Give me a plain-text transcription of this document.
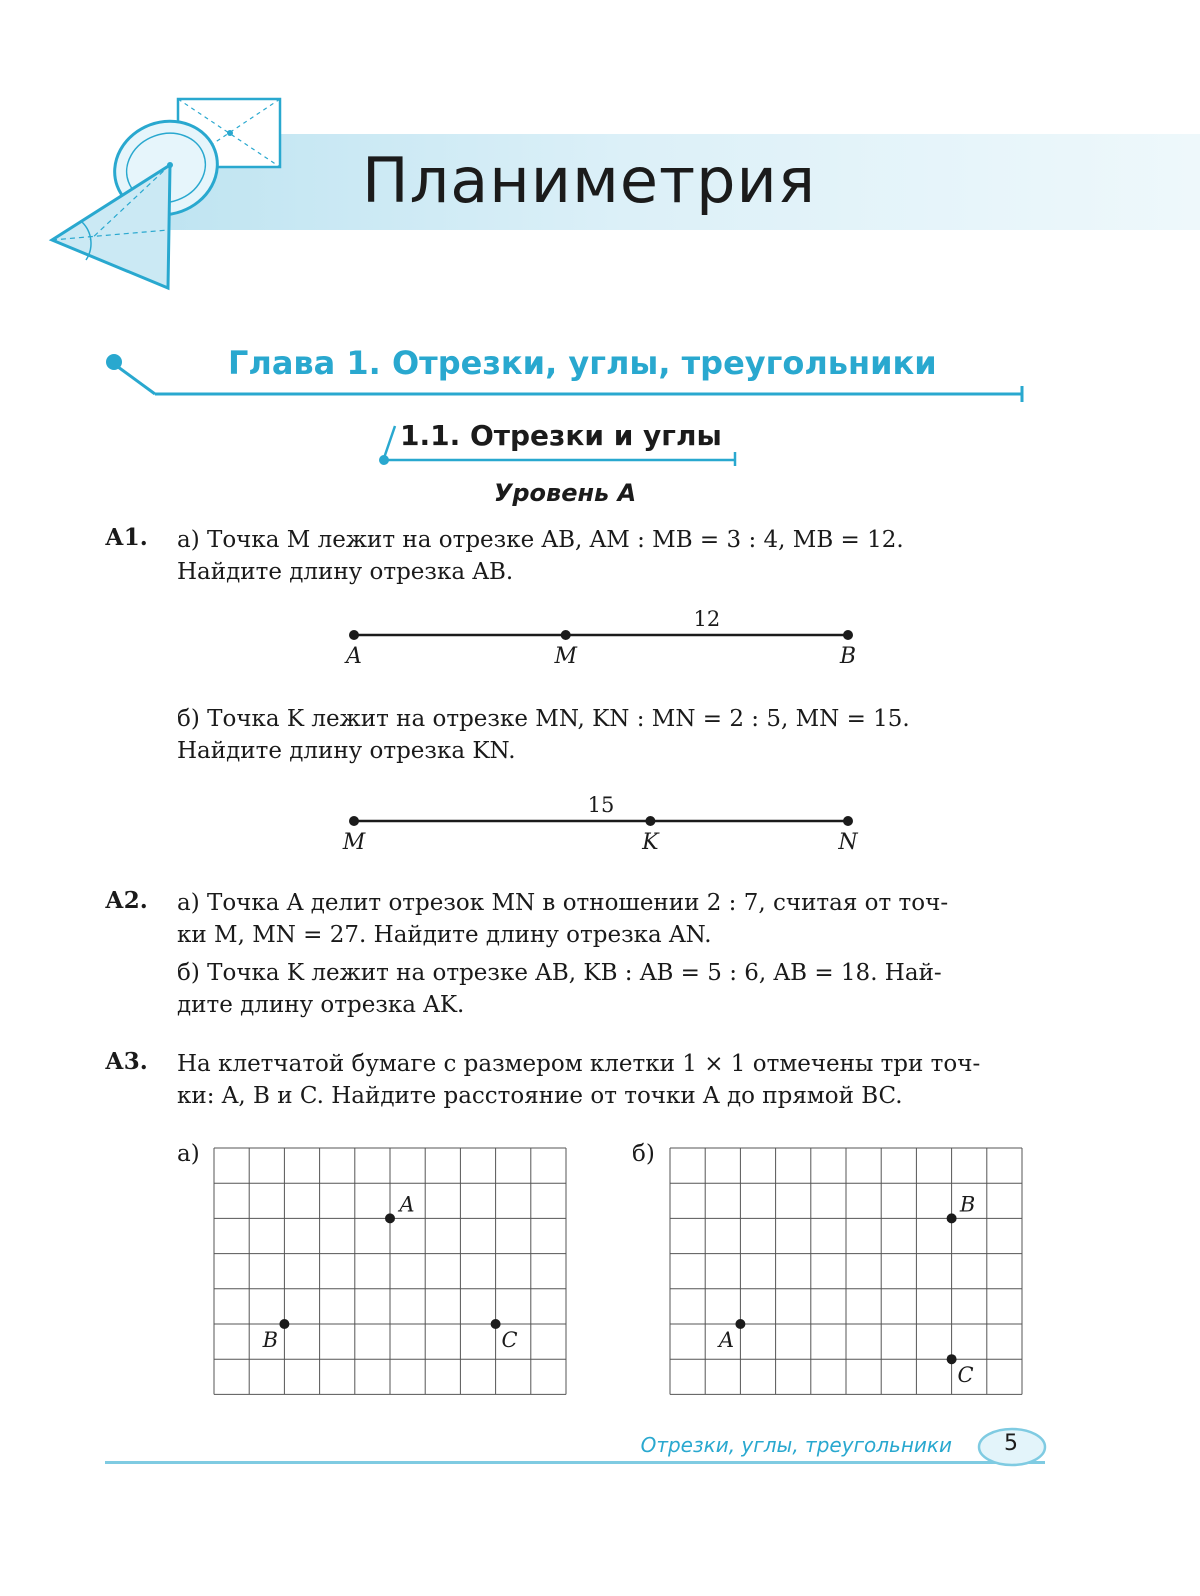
Планиметрия
Глава 1. Отрезки, углы, треугольники
1.1. Отрезки и углы
Уровень А
А1. а) Точка M лежит на отрезке AB, AM : MB = 3 : 4, MB = 12.
Найдите длину отрезка AB.
A	M	B
12
б) Точка K лежит на отрезке MN, KN : MN = 2 : 5, MN = 15.
Найдите длину отрезка KN.
M	K	N
15
А2. а) Точка A делит отрезок MN в отношении 2 : 7, считая от точ-
ки M, MN = 27. Найдите длину отрезка AN.
б) Точка K лежит на отрезке AB, KB : AB = 5 : 6, AB = 18. Най-
дите длину отрезка AK.
А3. На клетчатой бумаге с размером клетки 1 × 1 отмечены три точ-
ки: A, B и C. Найдите расстояние от точки A до прямой BC.
а)
A
B	C
б)
B
A
C
Отрезки, углы, треугольники	5
